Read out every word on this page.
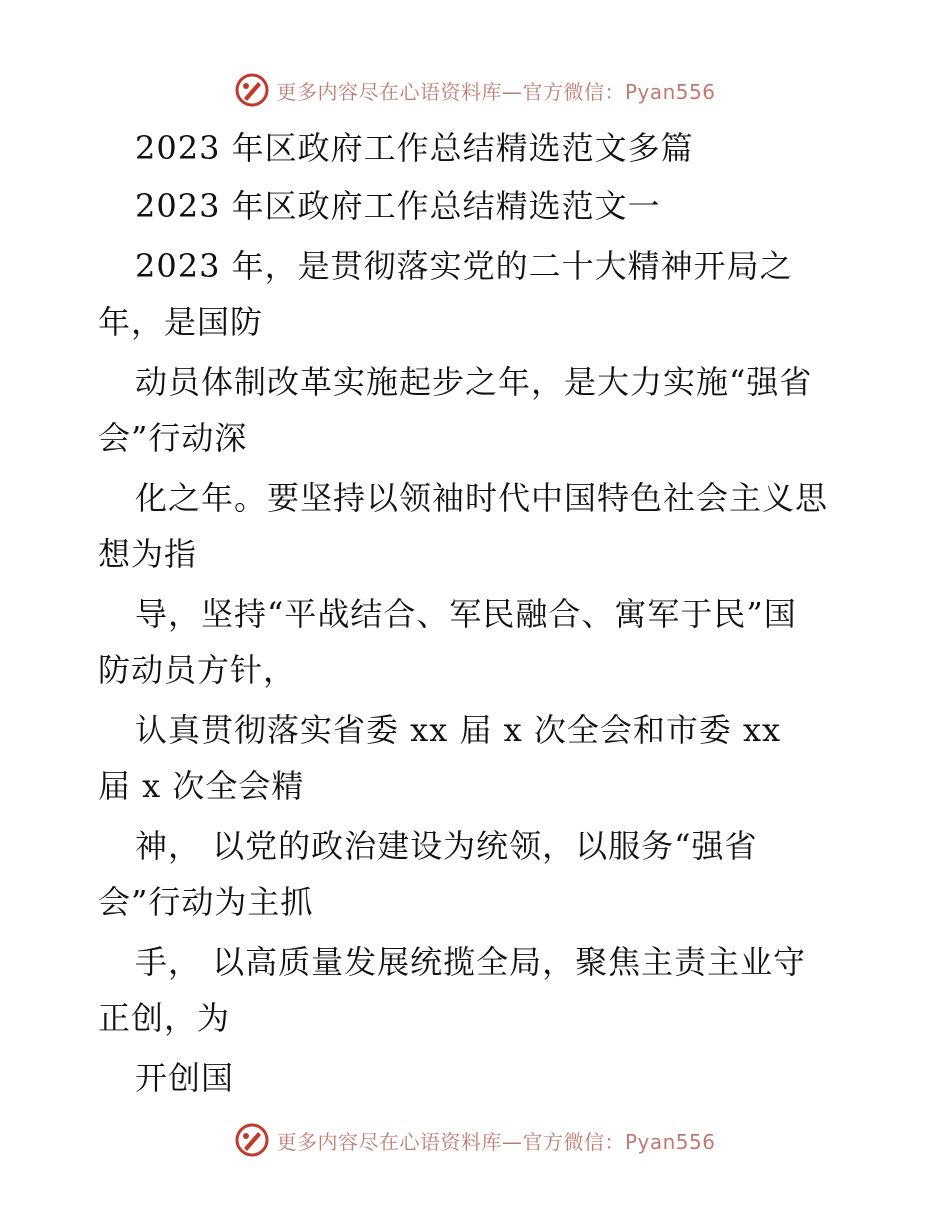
更多内容尽在心语资料库—官方微信：Pyan556
2023 年区政府工作总结精选范文多篇
2023 年区政府工作总结精选范文一
2023 年，是贯彻落实党的二十大精神开局之
年，是国防
动员体制改革实施起步之年，是大力实施“强省
会”行动深
化之年。要坚持以领袖时代中国特色社会主义思
想为指
导，坚持“平战结合、军民融合、寓军于民”国
防动员方针，
认真贯彻落实省委 xx 届 x 次全会和市委 xx
届 x 次全会精
神， 以党的政治建设为统领，以服务“强省
会”行动为主抓
手， 以高质量发展统揽全局，聚焦主责主业守
正创，为
开创国
更多内容尽在心语资料库—官方微信：Pyan556
